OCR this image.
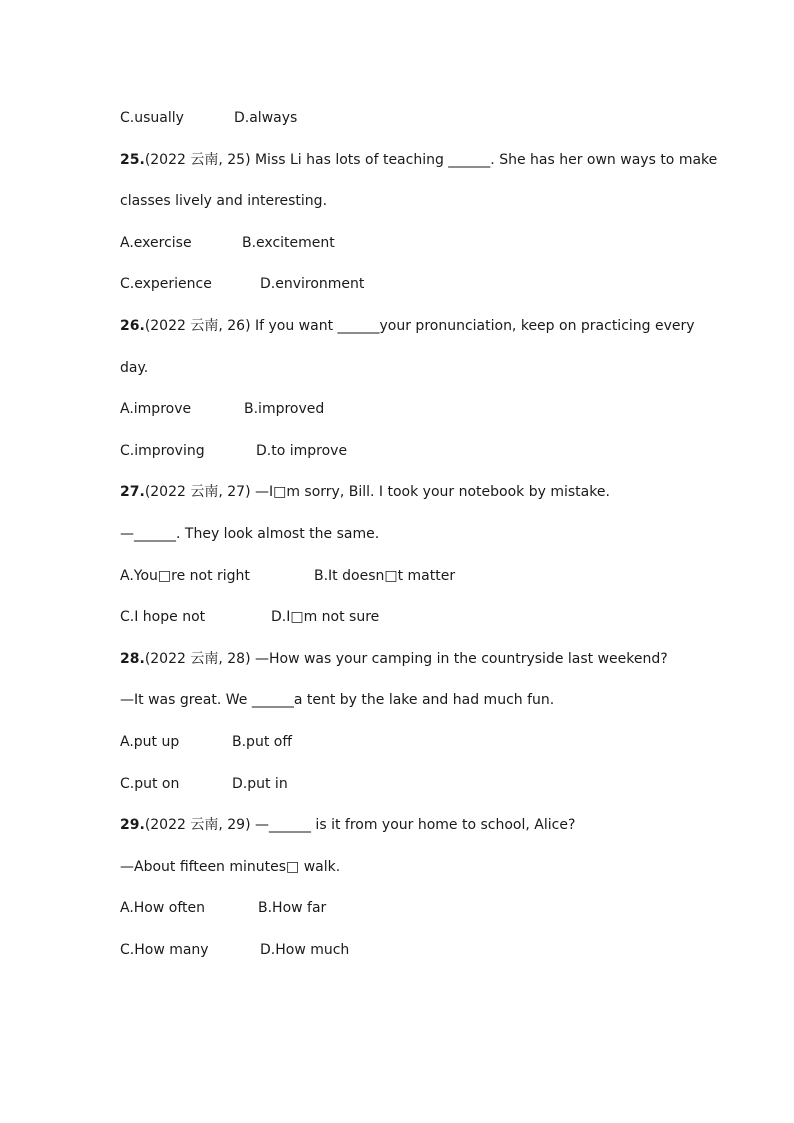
C.usually	D.always
25.(2022 云南, 25) Miss Li has lots of teaching ______. She has her own ways to make
classes lively and interesting.
A.exercise	B.excitement
C.experience	D.environment
26.(2022 云南, 26) If you want ______your pronunciation, keep on practicing every
day.
A.improve	B.improved
C.improving	D.to improve
27.(2022 云南, 27) —I□m sorry, Bill. I took your notebook by mistake.
—______. They look almost the same.
A.You□re not right	B.It doesn□t matter
C.I hope not	D.I□m not sure
28.(2022 云南, 28) —How was your camping in the countryside last weekend?
—It was great. We ______a tent by the lake and had much fun.
A.put up	B.put off
C.put on	D.put in
29.(2022 云南, 29) —______ is it from your home to school, Alice?
—About fifteen minutes□ walk.
A.How often	B.How far
C.How many	D.How much
